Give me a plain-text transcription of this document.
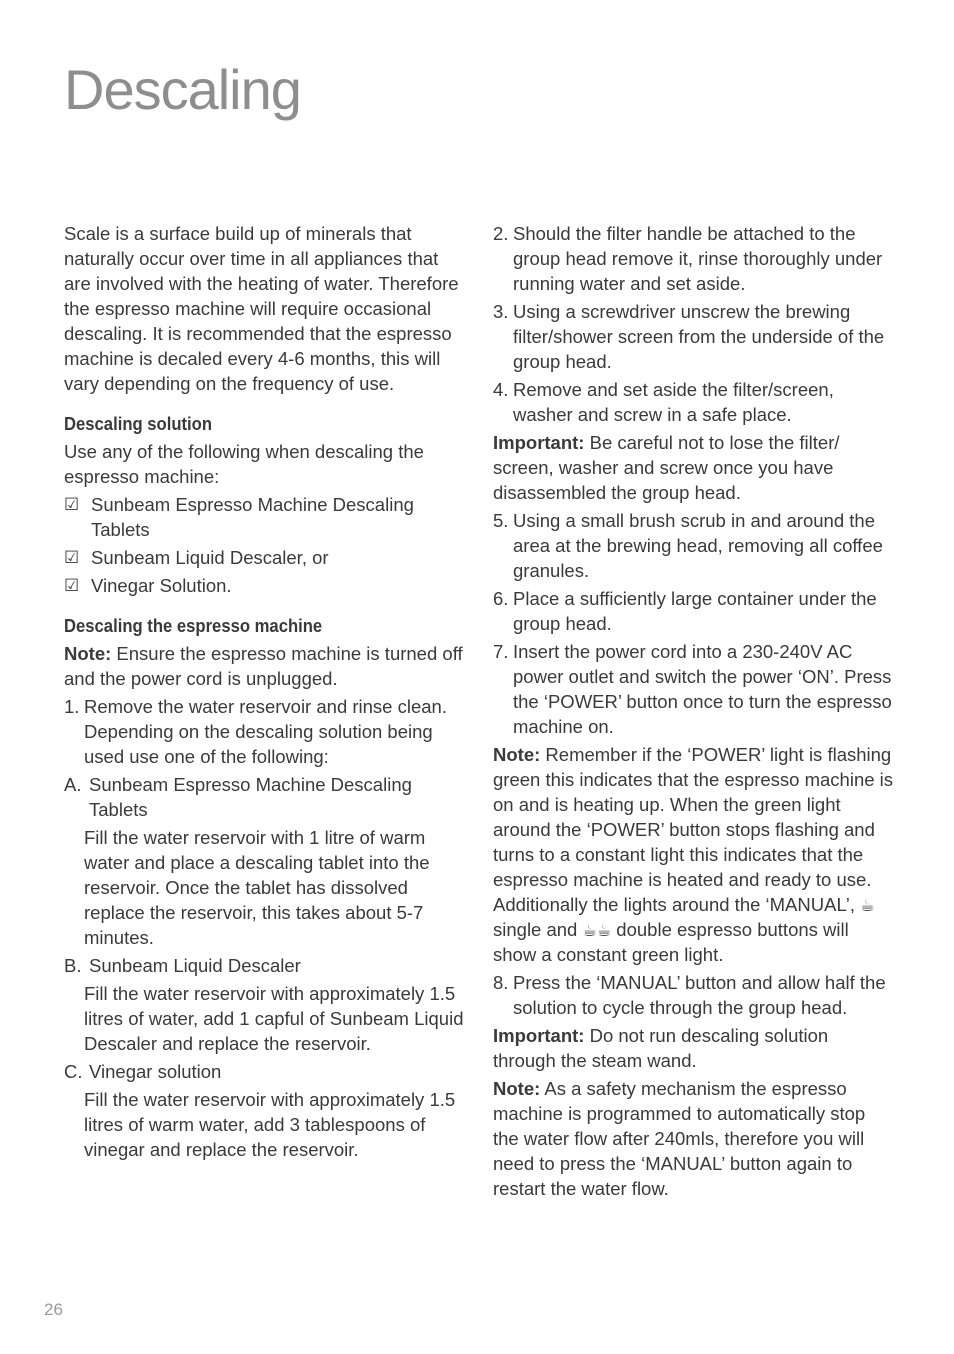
Descaling

Scale is a surface build up of minerals that naturally occur over time in all appliances that are involved with the heating of water. Therefore the espresso machine will require occasional descaling. It is recommended that the espresso machine is decaled every 4-6 months, this will vary depending on the frequency of use.

Descaling solution

Use any of the following when descaling the espresso machine:

☑ Sunbeam Espresso Machine Descaling Tablets
☑ Sunbeam Liquid Descaler, or
☑ Vinegar Solution.

Descaling the espresso machine

Note: Ensure the espresso machine is turned off and the power cord is unplugged.

1. Remove the water reservoir and rinse clean. Depending on the descaling solution being used use one of the following:
A. Sunbeam Espresso Machine Descaling Tablets

Fill the water reservoir with 1 litre of warm water and place a descaling tablet into the reservoir. Once the tablet has dissolved replace the reservoir, this takes about 5-7 minutes.

B. Sunbeam Liquid Descaler

Fill the water reservoir with approximately 1.5 litres of water, add 1 capful of Sunbeam Liquid Descaler and replace the reservoir.

C. Vinegar solution

Fill the water reservoir with approximately 1.5 litres of warm water, add 3 tablespoons of vinegar and replace the reservoir.

2. Should the filter handle be attached to the group head remove it, rinse thoroughly under running water and set aside.
3. Using a screwdriver unscrew the brewing filter/shower screen from the underside of the group head.
4. Remove and set aside the filter/screen, washer and screw in a safe place.

Important: Be careful not to lose the filter/ screen, washer and screw once you have disassembled the group head.

5. Using a small brush scrub in and around the area at the brewing head, removing all coffee granules.
6. Place a sufficiently large container under the group head.
7. Insert the power cord into a 230-240V AC power outlet and switch the power ‘ON’. Press the ‘POWER’ button once to turn the espresso machine on.

Note: Remember if the ‘POWER’ light is flashing green this indicates that the espresso machine is on and is heating up. When the green light around the ‘POWER’ button stops flashing and turns to a constant light this indicates that the espresso machine is heated and ready to use. Additionally the lights around the ‘MANUAL’, ☕ single and ☕☕ double espresso buttons will show a constant green light.

8. Press the ‘MANUAL’ button and allow half the solution to cycle through the group head.

Important: Do not run descaling solution through the steam wand.

Note: As a safety mechanism the espresso machine is programmed to automatically stop the water flow after 240mls, therefore you will need to press the ‘MANUAL’ button again to restart the water flow.

26
